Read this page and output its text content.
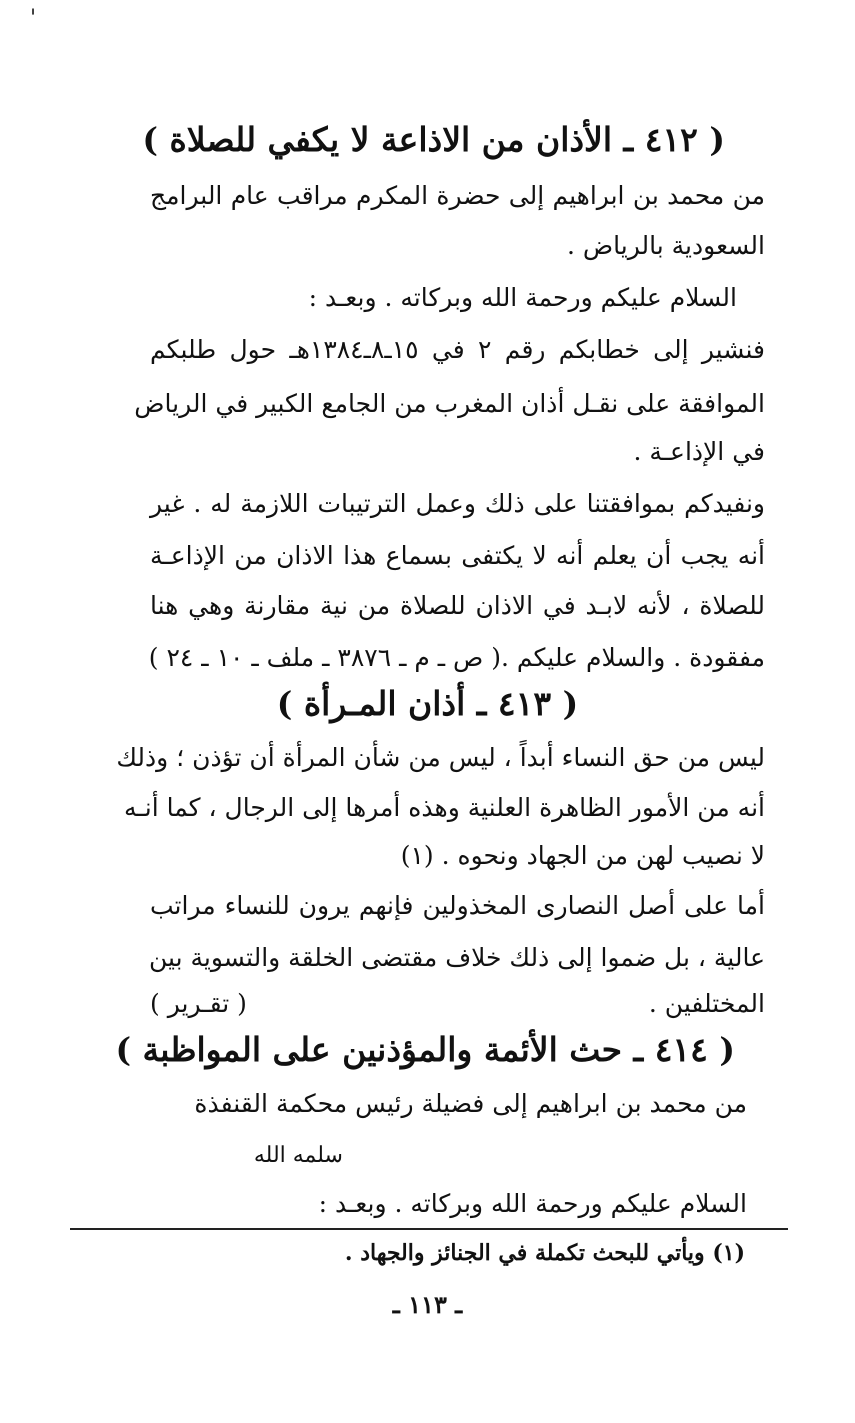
'
( ٤١٢ ـ الأذان من الاذاعة لا يكفي للصلاة )
من محمد بن ابراهيم إلى حضرة المكرم مراقب عام البرامج
السعودية بالرياض .
السلام عليكم ورحمة الله وبركاته . وبعـد :
فنشير إلى خطابكم رقم ٢ في ١٥ـ٨ـ١٣٨٤هـ حول طلبكم
الموافقة على نقـل أذان المغرب من الجامع الكبير في الرياض
في الإذاعـة .
ونفيدكم بموافقتنا على ذلك وعمل الترتيبات اللازمة له . غير
أنه يجب أن يعلم أنه لا يكتفى بسماع هذا الاذان من الإذاعـة
للصلاة ، لأنه لابـد في الاذان للصلاة من نية مقارنة وهي هنا
مفقودة . والسلام عليكم .
( ص ـ م ـ ٣٨٧٦ ـ ملف ـ ١٠ ـ ٢٤ )
( ٤١٣ ـ أذان المـرأة )
ليس من حق النساء أبداً ، ليس من شأن المرأة أن تؤذن ؛ وذلك
أنه من الأمور الظاهرة العلنية وهذه أمرها إلى الرجال ، كما أنـه
لا نصيب لهن من الجهاد ونحوه . (١)
أما على أصل النصارى المخذولين فإنهم يرون للنساء مراتب
عالية ، بل ضموا إلى ذلك خلاف مقتضى الخلقة والتسوية بين
المختلفين .
( تقـرير )
( ٤١٤ ـ حث الأئمة والمؤذنين على المواظبة )
من محمد بن ابراهيم إلى فضيلة رئيس محكمة القنفذة
سلمه الله
السلام عليكم ورحمة الله وبركاته . وبعـد :
(١) ويأتي للبحث تكملة في الجنائز والجهاد .
ـ ١١٣ ـ
